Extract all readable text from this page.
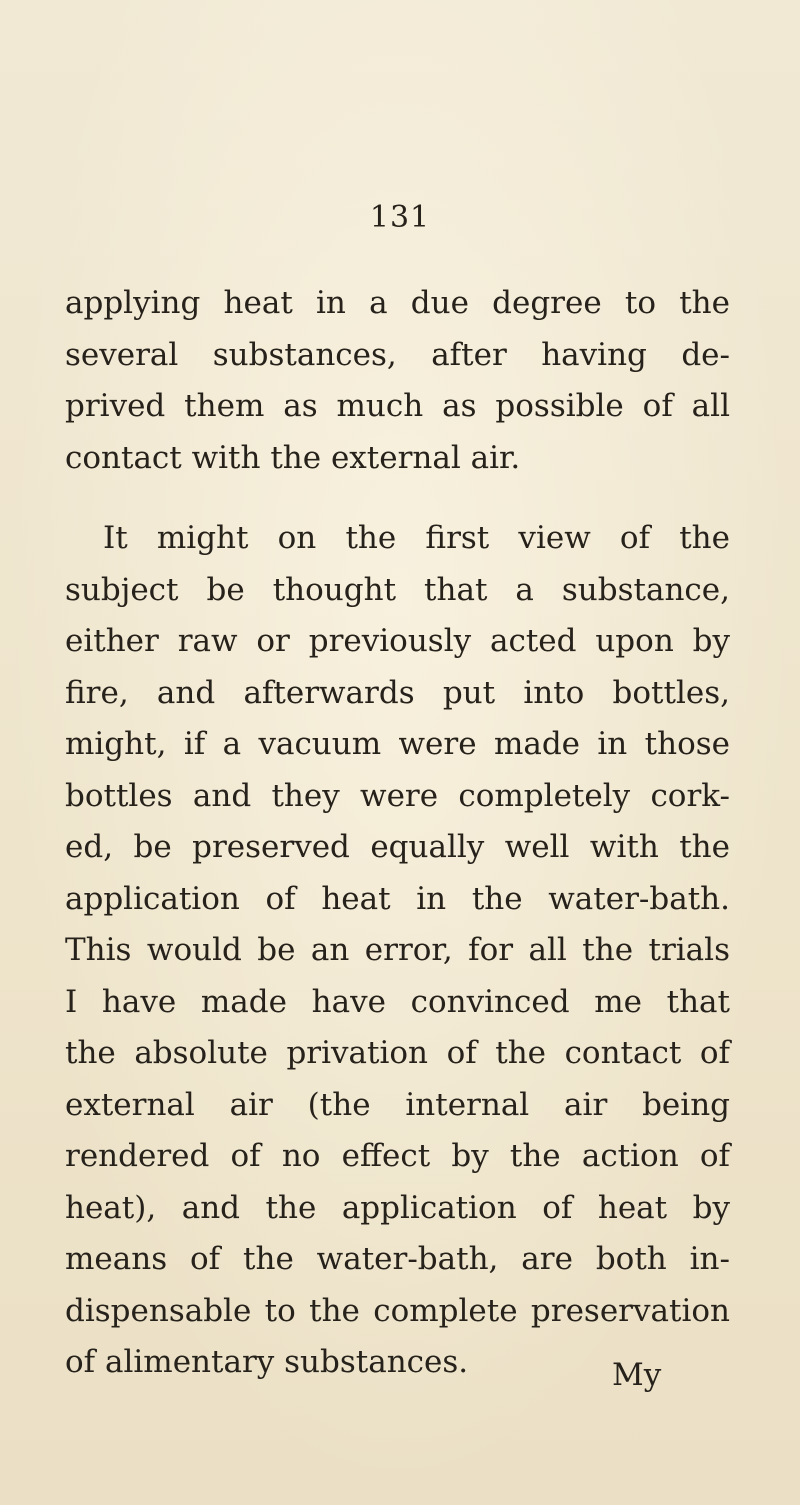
131
applying heat in a due degree to the
several substances, after having de-
prived them as much as possible of all
contact with the external air.
It might on the first view of the
subject be thought that a substance,
either raw or previously acted upon by
fire, and afterwards put into bottles,
might, if a vacuum were made in those
bottles and they were completely cork-
ed, be preserved equally well with the
application of heat in the water-bath.
This would be an error, for all the trials
I have made have convinced me that
the absolute privation of the contact of
external air (the internal air being
rendered of no effect by the action of
heat), and the application of heat by
means of the water-bath, are both in-
dispensable to the complete preservation
of alimentary substances.	My
